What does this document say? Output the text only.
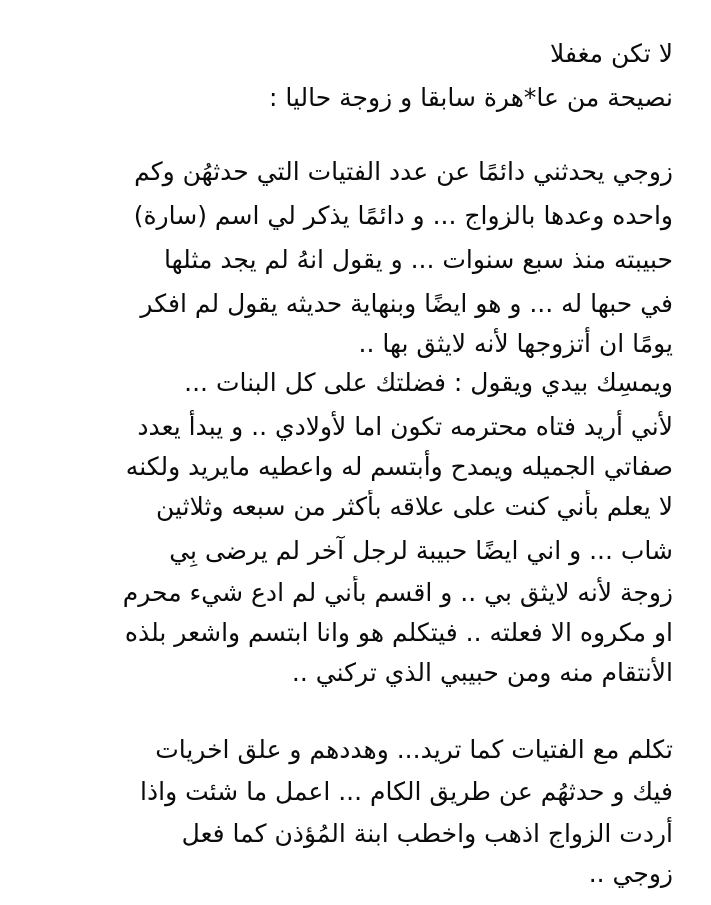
لا تكن مغفلا
نصيحة من عا*هرة سابقا و زوجة حاليا :
زوجي يحدثني دائمًا عن عدد الفتيات التي حدثهُن وكم
واحده وعدها بالزواج ... و دائمًا يذكر لي اسم (سارة)
حبيبته منذ سبع سنوات ... و يقول انهُ لم يجد مثلها
في حبها له ... و هو ايضًا وبنهاية حديثه يقول لم افكر
يومًا ان أتزوجها لأنه لايثق بها ..
ويمسِك بيدي ويقول : فضلتك على كل البنات ...
لأني أريد فتاه محترمه تكون اما لأولادي .. و يبدأ يعدد
صفاتي الجميله ويمدح وأبتسم له واعطيه مايريد ولكنه
لا يعلم بأني كنت على علاقه بأكثر من سبعه وثلاثين
شاب ... و اني ايضًا حبيبة لرجل آخر لم يرضى بِي
زوجة لأنه لايثق بي .. و اقسم بأني لم ادع شيء محرم
او مكروه الا فعلته .. فيتكلم هو وانا ابتسم واشعر بلذه
الأنتقام منه ومن حبيبي الذي تركني ..
تكلم مع الفتيات كما تريد... وهددهم و علق اخريات
فيك و حدثهُم عن طريق الكام ... اعمل ما شئت واذا
أردت الزواج اذهب واخطب ابنة المُؤذن كما فعل
زوجي ..
